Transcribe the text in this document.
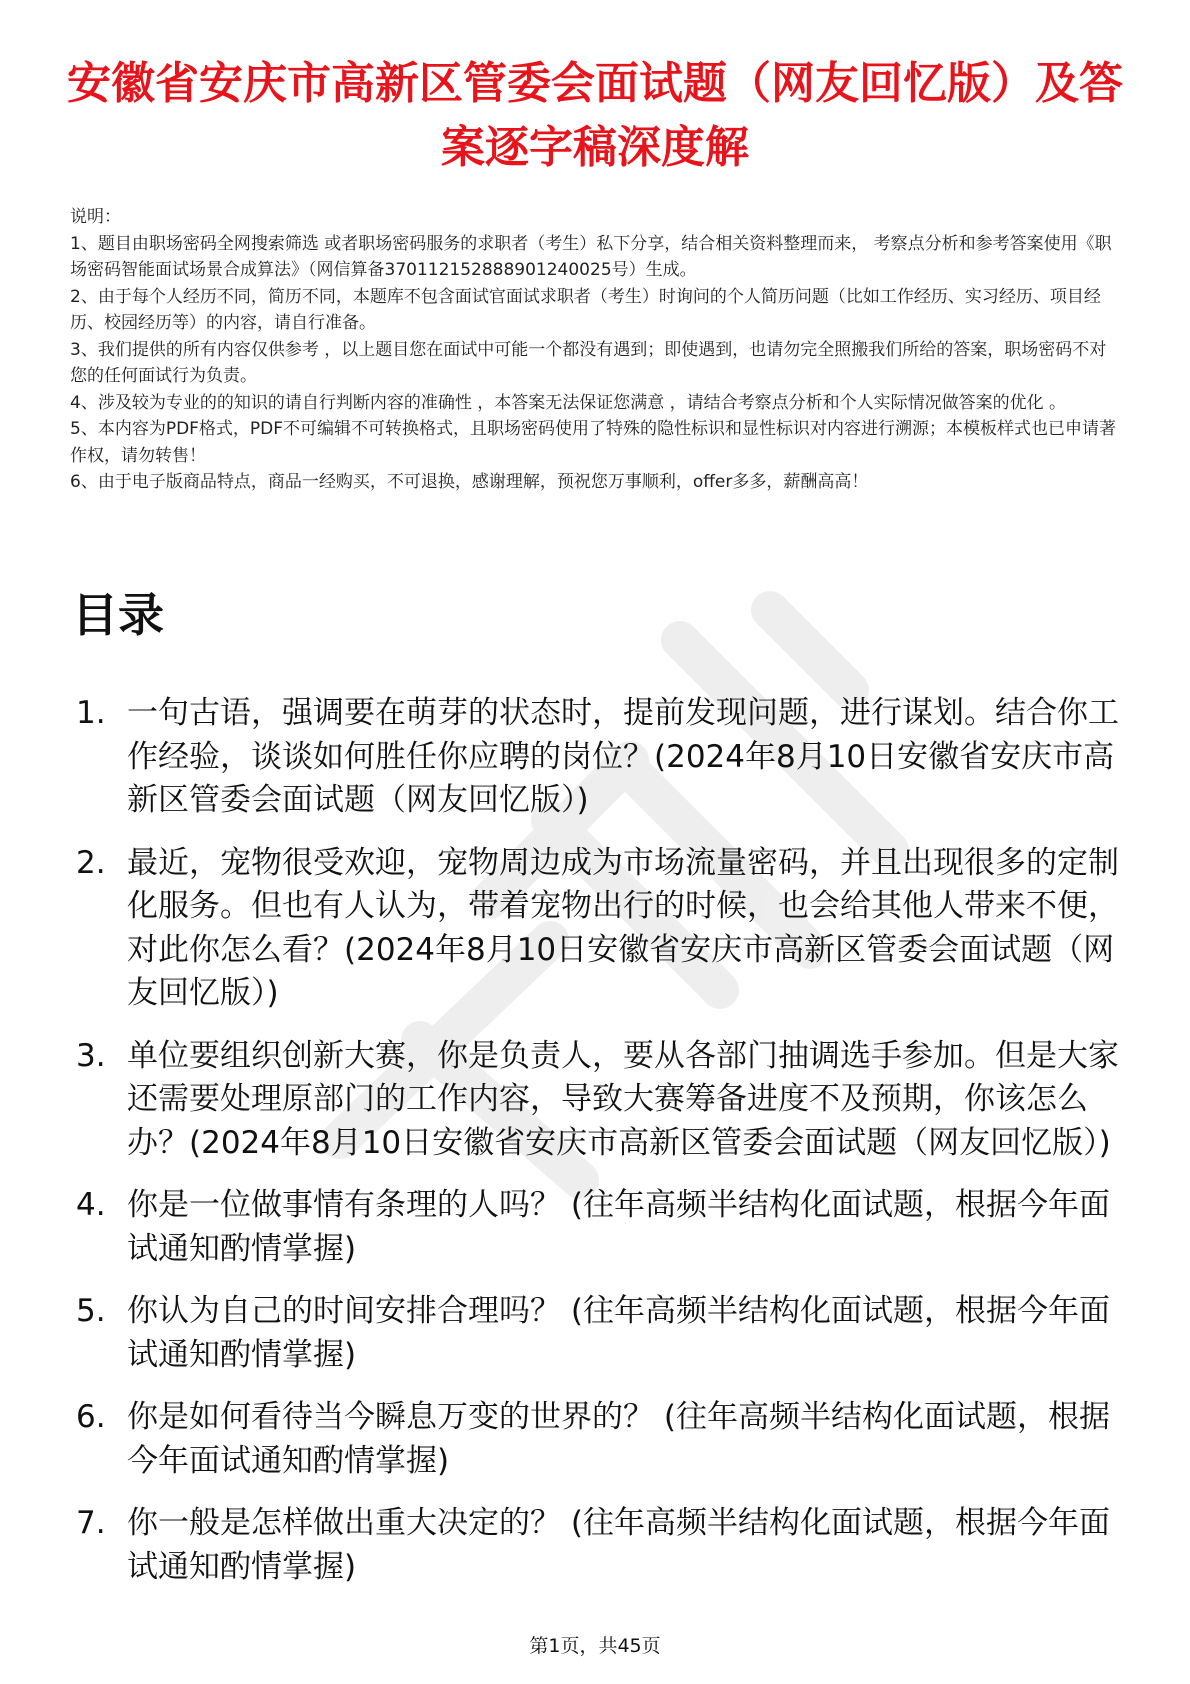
安徽省安庆市高新区管委会面试题（网友回忆版）及答案逐字稿深度解

说明：

1、题目由职场密码全网搜索筛选 或者职场密码服务的求职者（考生）私下分享，结合相关资料整理而来， 考察点分析和参考答案使用《职场密码智能面试场景合成算法》（网信算备370112152888901240025号）生成。

2、由于每个人经历不同，简历不同，本题库不包含面试官面试求职者（考生）时询问的个人简历问题（比如工作经历、实习经历、项目经历、校园经历等）的内容，请自行准备。

3、我们提供的所有内容仅供参考 ，以上题目您在面试中可能一个都没有遇到；即使遇到，也请勿完全照搬我们所给的答案，职场密码不对您的任何面试行为负责。

4、涉及较为专业的的知识的请自行判断内容的准确性 ，本答案无法保证您满意 ，请结合考察点分析和个人实际情况做答案的优化 。

5、本内容为PDF格式，PDF不可编辑不可转换格式，且职场密码使用了特殊的隐性标识和显性标识对内容进行溯源；本模板样式也已申请著作权，请勿转售！

6、由于电子版商品特点，商品一经购买，不可退换，感谢理解，预祝您万事顺利，offer多多，薪酬高高！

目录
1. 一句古语，强调要在萌芽的状态时，提前发现问题，进行谋划。结合你工作经验，谈谈如何胜任你应聘的岗位？(2024年8月10日安徽省安庆市高新区管委会面试题（网友回忆版）)
2. 最近，宠物很受欢迎，宠物周边成为市场流量密码，并且出现很多的定制化服务。但也有人认为，带着宠物出行的时候，也会给其他人带来不便，对此你怎么看？(2024年8月10日安徽省安庆市高新区管委会面试题（网友回忆版）)
3. 单位要组织创新大赛，你是负责人，要从各部门抽调选手参加。但是大家还需要处理原部门的工作内容，导致大赛筹备进度不及预期，你该怎么办？(2024年8月10日安徽省安庆市高新区管委会面试题（网友回忆版）)
4. 你是一位做事情有条理的人吗？ (往年高频半结构化面试题，根据今年面试通知酌情掌握)
5. 你认为自己的时间安排合理吗？ (往年高频半结构化面试题，根据今年面试通知酌情掌握)
6. 你是如何看待当今瞬息万变的世界的？ (往年高频半结构化面试题，根据今年面试通知酌情掌握)
7. 你一般是怎样做出重大决定的？ (往年高频半结构化面试题，根据今年面试通知酌情掌握)
第1页，共45页
